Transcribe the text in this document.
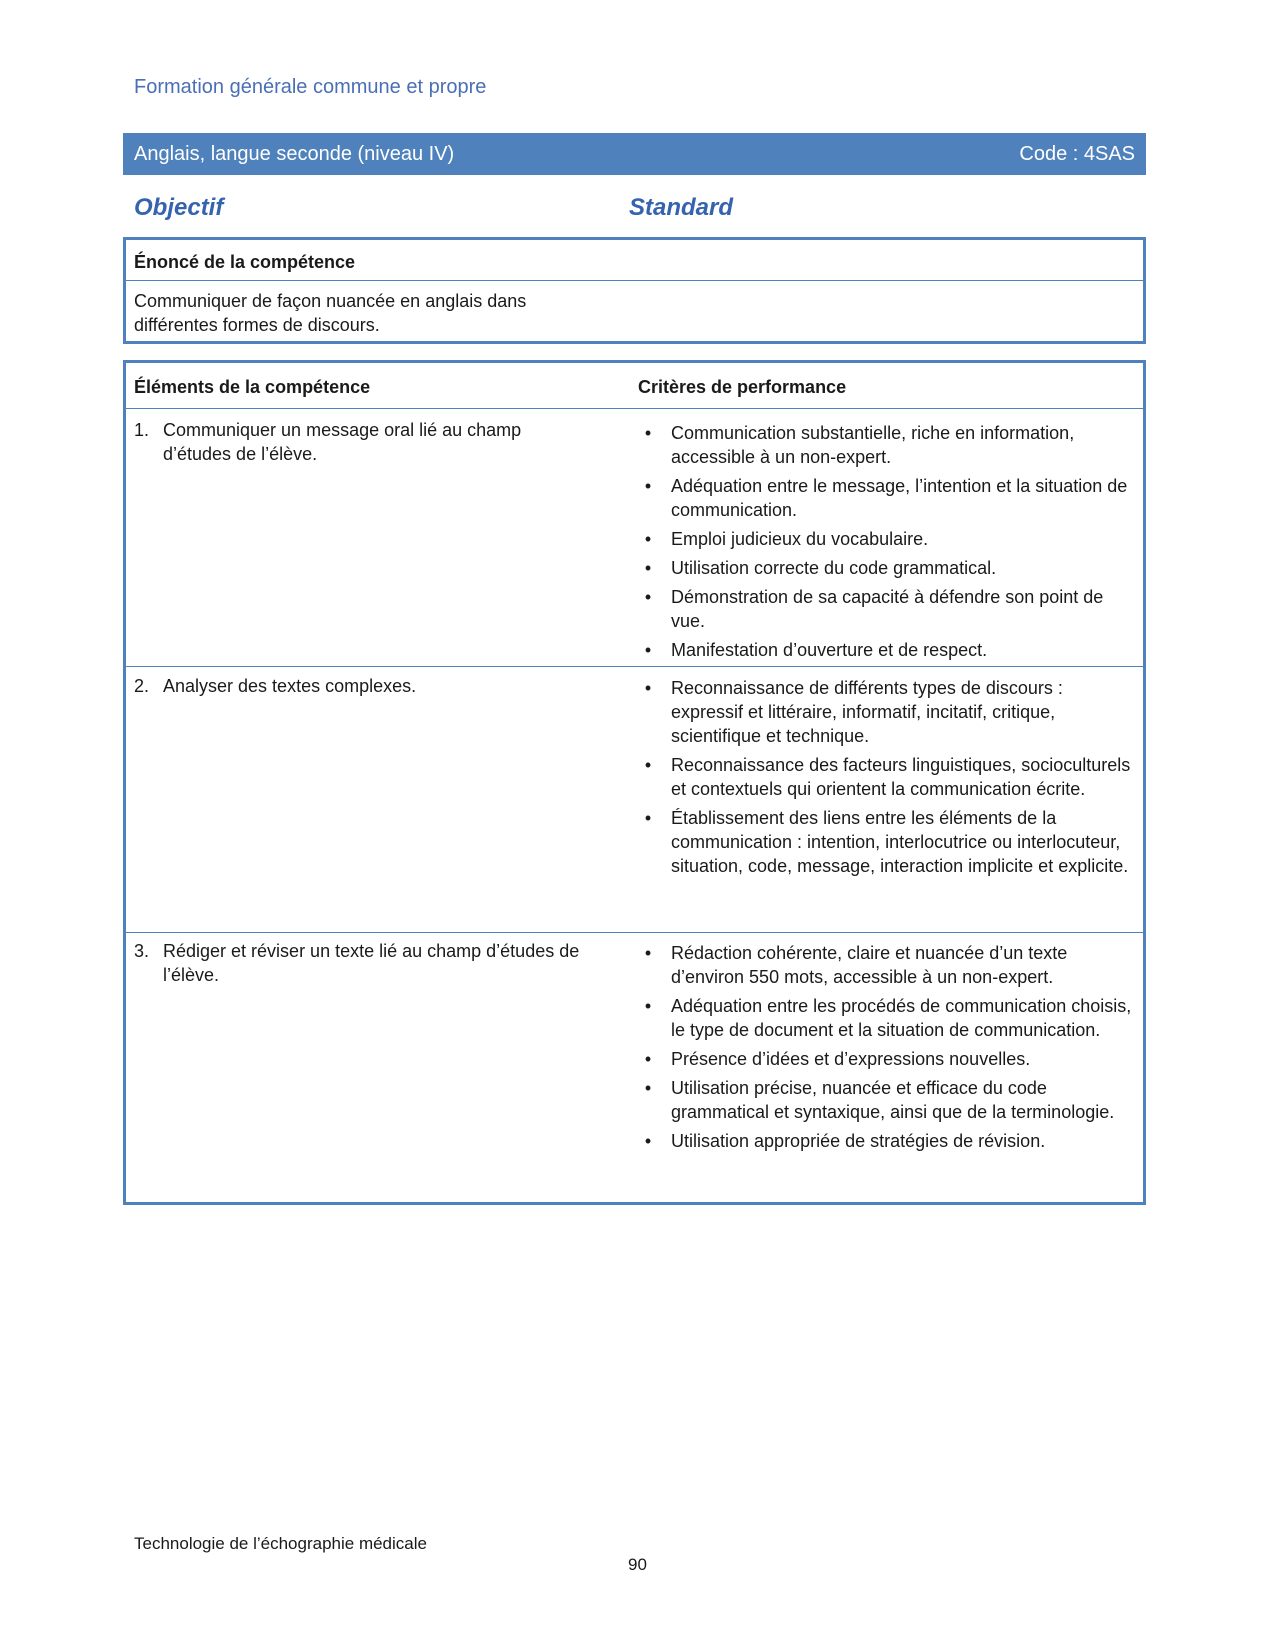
Formation générale commune et propre
Anglais, langue seconde (niveau IV)	Code : 4SAS
Objectif	Standard
Énoncé de la compétence
Communiquer de façon nuancée en anglais dans différentes formes de discours.
Éléments de la compétence	Critères de performance
1. Communiquer un message oral lié au champ d’études de l’élève.
•	Communication substantielle, riche en information, accessible à un non-expert.
•	Adéquation entre le message, l’intention et la situation de communication.
•	Emploi judicieux du vocabulaire.
•	Utilisation correcte du code grammatical.
•	Démonstration de sa capacité à défendre son point de vue.
•	Manifestation d’ouverture et de respect.
2. Analyser des textes complexes.	•	Reconnaissance de différents types de discours : expressif et littéraire, informatif, incitatif, critique, scientifique et technique.
•	Reconnaissance des facteurs linguistiques, socioculturels et contextuels qui orientent la communication écrite.
•	Établissement des liens entre les éléments de la communication : intention, interlocutrice ou interlocuteur, situation, code, message, interaction implicite et explicite.
3. Rédiger et réviser un texte lié au champ d’études de l’élève.
•	Rédaction cohérente, claire et nuancée d’un texte d’environ 550 mots, accessible à un non-expert.
•	Adéquation entre les procédés de communication choisis, le type de document et la situation de communication.
•	Présence d’idées et d’expressions nouvelles.
•	Utilisation précise, nuancée et efficace du code grammatical et syntaxique, ainsi que de la terminologie.
•	Utilisation appropriée de stratégies de révision.
Technologie de l’échographie médicale
90
